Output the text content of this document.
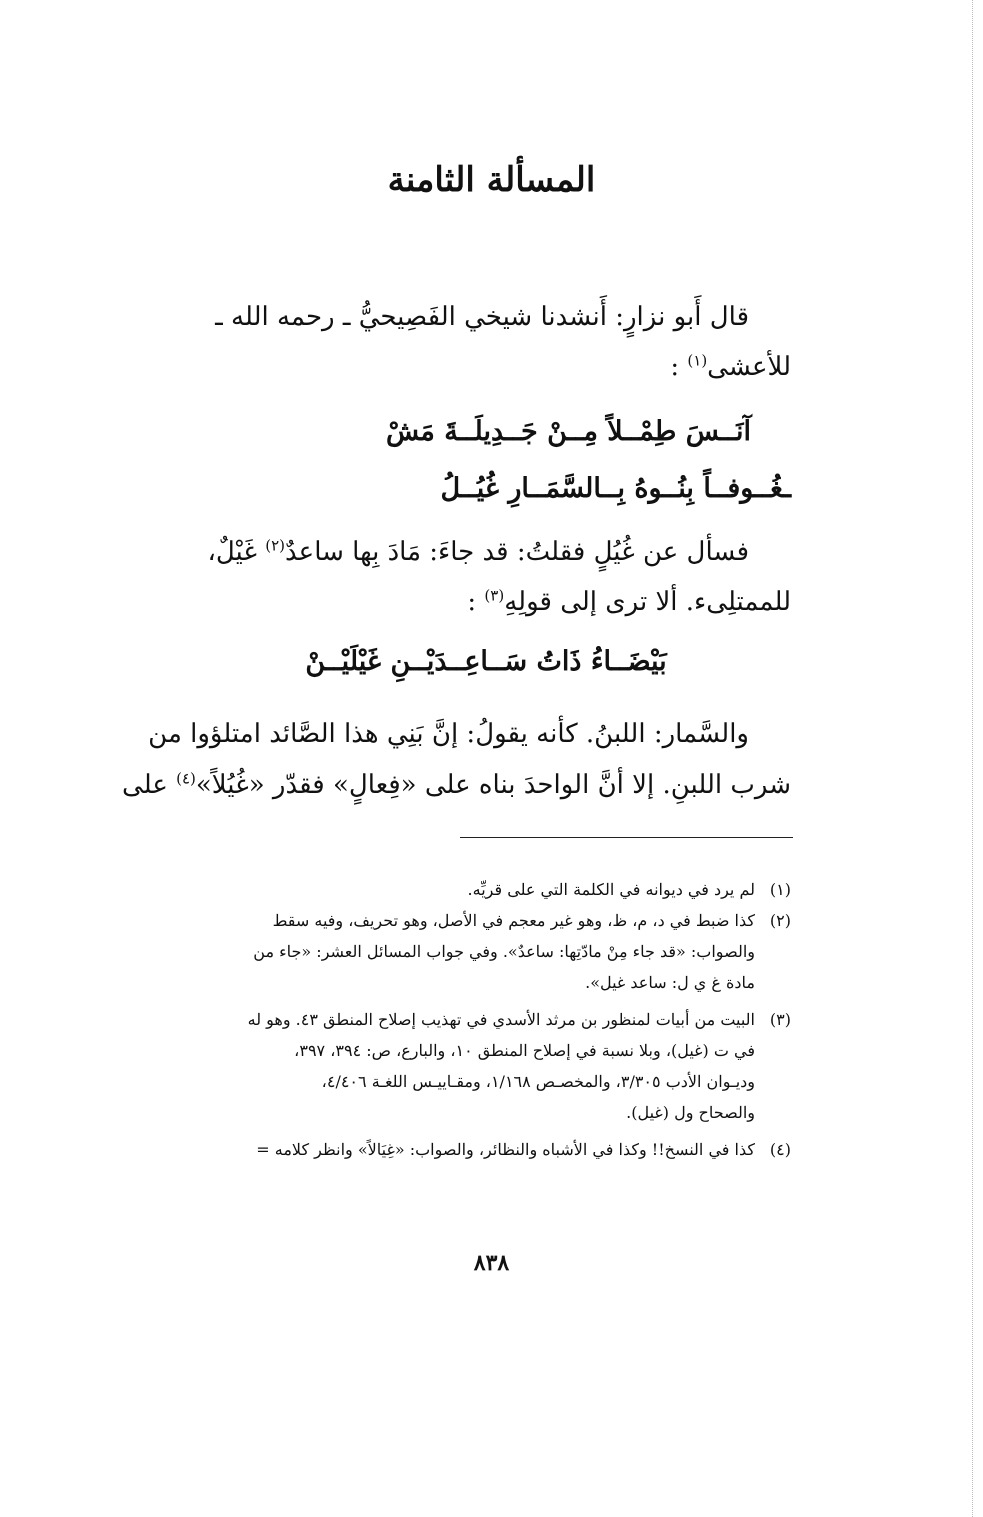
المسألة الثامنة
قال أَبو نزارٍ: أَنشدنا شيخي الفَصِيحيُّ ـ رحمه الله ـ
للأعشى$^{(١)}$ :
آنَــسَ طِمْــلاً مِــنْ جَــدِيلَــةَ مَشْ
ـغُــوفــاً بِنُــوهُ بِــالسَّمَــارِ غُيُــلُ
فسأل عن غُيُلٍ فقلتُ: قد جاءَ: مَادَ بِها ساعدٌ$^{(٢)}$ غَيْلٌ،
للممتلِىء. ألا ترى إلى قولِهِ$^{(٣)}$ :
بَيْضَــاءُ ذَاتُ سَــاعِــدَيْــنِ غَيْلَيْــنْ
والسَّمار: اللبنُ. كأنه يقولُ: إنَّ بَنِي هذا الصَّائد امتلؤوا من
شرب اللبنِ. إلا أنَّ الواحدَ بناه على «فِعالٍ» فقدّر «غُيُلاً»$^{(٤)}$ على
(١)لم يرد في ديوانه في الكلمة التي على قريِّه.
(٢)كذا ضبط في د، م، ظ، وهو غير معجم في الأصل، وهو تحريف، وفيه سقط
والصواب: «قد جاء مِنْ مادّتِها: ساعدٌ». وفي جواب المسائل العشر: «جاء من
مادة غ ي ل: ساعد غيل».
(٣)البيت من أبيات لمنظور بن مرثد الأسدي في تهذيب إصلاح المنطق ٤٣. وهو له
في ت (غيل)، وبلا نسبة في إصلاح المنطق ١٠، والبارع، ص: ٣٩٤، ٣٩٧،
وديـوان الأدب ٣/٣٠٥، والمخصـص ١/١٦٨، ومقـاييـس اللغـة ٤/٤٠٦،
والصحاح ول (غيل).
(٤)كذا في النسخ!! وكذا في الأشباه والنظائر، والصواب: «غِيَالاً» وانظر كلامه =
٨٣٨
